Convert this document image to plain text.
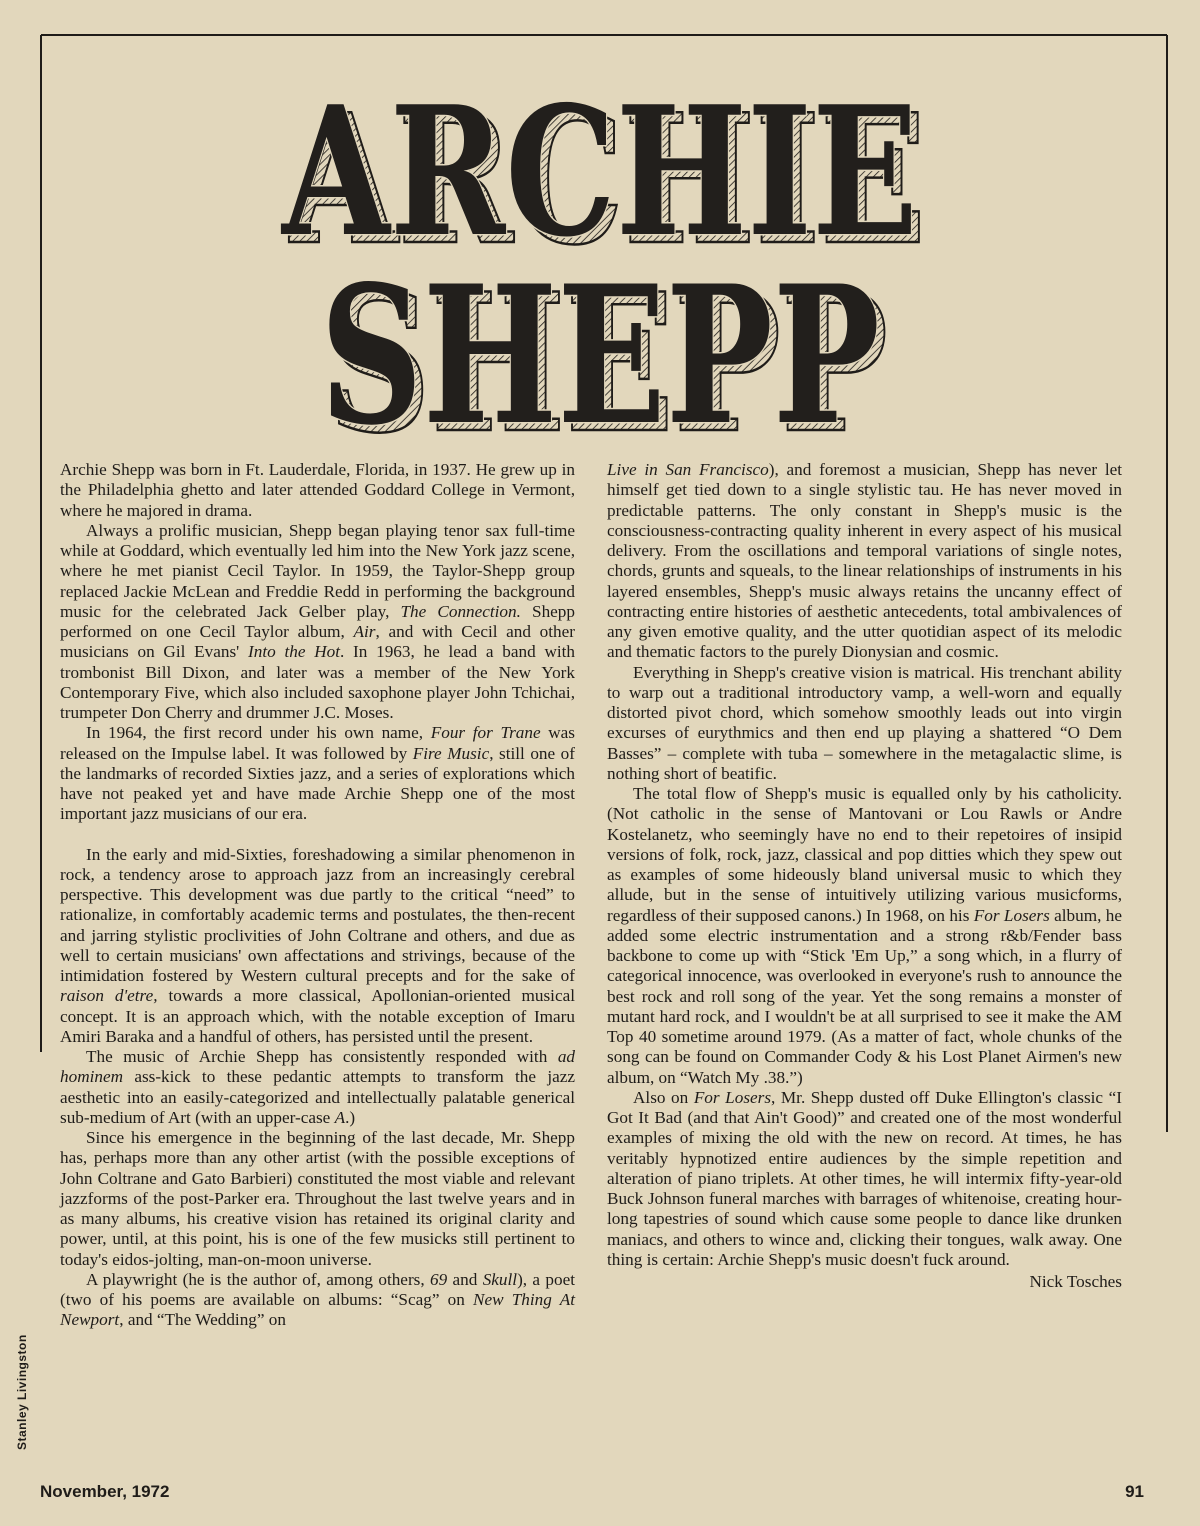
ARCHIE
ARCHIE
SHEPP
SHEPP

Archie Shepp was born in Ft. Lauderdale, Florida, in 1937. He grew up in the Philadelphia ghetto and later attended Goddard College in Vermont, where he majored in drama.

Always a prolific musician, Shepp began playing tenor sax full-time while at Goddard, which eventually led him into the New York jazz scene, where he met pianist Cecil Taylor. In 1959, the Taylor-Shepp group replaced Jackie McLean and Freddie Redd in performing the background music for the celebrated Jack Gelber play, The Connection. Shepp performed on one Cecil Taylor album, Air, and with Cecil and other musicians on Gil Evans' Into the Hot. In 1963, he lead a band with trombonist Bill Dixon, and later was a member of the New York Contemporary Five, which also included saxophone player John Tchichai, trumpeter Don Cherry and drummer J.C. Moses.

In 1964, the first record under his own name, Four for Trane was released on the Impulse label. It was followed by Fire Music, still one of the landmarks of recorded Sixties jazz, and a series of explorations which have not peaked yet and have made Archie Shepp one of the most important jazz musicians of our era.

In the early and mid-Sixties, foreshadowing a similar phenomenon in rock, a tendency arose to approach jazz from an increasingly cerebral perspective. This development was due partly to the critical “need” to rationalize, in comfortably academic terms and postulates, the then-recent and jarring stylistic proclivities of John Coltrane and others, and due as well to certain musicians' own affectations and strivings, because of the intimidation fostered by Western cultural precepts and for the sake of raison d'etre, towards a more classical, Apollonian-oriented musical concept. It is an approach which, with the notable exception of Imaru Amiri Baraka and a handful of others, has persisted until the present.

The music of Archie Shepp has consistently responded with ad hominem ass-kick to these pedantic attempts to transform the jazz aesthetic into an easily-categorized and intellectually palatable generical sub-medium of Art (with an upper-case A.)

Since his emergence in the beginning of the last decade, Mr. Shepp has, perhaps more than any other artist (with the possible exceptions of John Coltrane and Gato Barbieri) constituted the most viable and relevant jazzforms of the post-Parker era. Throughout the last twelve years and in as many albums, his creative vision has retained its original clarity and power, until, at this point, his is one of the few musicks still pertinent to today's eidos-jolting, man-on-moon universe.

A playwright (he is the author of, among others, 69 and Skull), a poet (two of his poems are available on albums: “Scag” on New Thing At Newport, and “The Wedding” on

Live in San Francisco), and foremost a musician, Shepp has never let himself get tied down to a single stylistic tau. He has never moved in predictable patterns. The only constant in Shepp's music is the consciousness-contracting quality inherent in every aspect of his musical delivery. From the oscillations and temporal variations of single notes, chords, grunts and squeals, to the linear relationships of instruments in his layered ensembles, Shepp's music always retains the uncanny effect of contracting entire histories of aesthetic antecedents, total ambivalences of any given emotive quality, and the utter quotidian aspect of its melodic and thematic factors to the purely Dionysian and cosmic.

Everything in Shepp's creative vision is matrical. His trenchant ability to warp out a traditional introductory vamp, a well-worn and equally distorted pivot chord, which somehow smoothly leads out into virgin excurses of eurythmics and then end up playing a shattered “O Dem Basses” – complete with tuba – somewhere in the metagalactic slime, is nothing short of beatific.

The total flow of Shepp's music is equalled only by his catholicity. (Not catholic in the sense of Mantovani or Lou Rawls or Andre Kostelanetz, who seemingly have no end to their repetoires of insipid versions of folk, rock, jazz, classical and pop ditties which they spew out as examples of some hideously bland universal music to which they allude, but in the sense of intuitively utilizing various musicforms, regardless of their supposed canons.) In 1968, on his For Losers album, he added some electric instrumentation and a strong r&b/Fender bass backbone to come up with “Stick 'Em Up,” a song which, in a flurry of categorical innocence, was overlooked in everyone's rush to announce the best rock and roll song of the year. Yet the song remains a monster of mutant hard rock, and I wouldn't be at all surprised to see it make the AM Top 40 sometime around 1979. (As a matter of fact, whole chunks of the song can be found on Commander Cody & his Lost Planet Airmen's new album, on “Watch My .38.”)

Also on For Losers, Mr. Shepp dusted off Duke Ellington's classic “I Got It Bad (and that Ain't Good)” and created one of the most wonderful examples of mixing the old with the new on record. At times, he has veritably hypnotized entire audiences by the simple repetition and alteration of piano triplets. At other times, he will intermix fifty-year-old Buck Johnson funeral marches with barrages of whitenoise, creating hour-long tapestries of sound which cause some people to dance like drunken maniacs, and others to wince and, clicking their tongues, walk away. One thing is certain: Archie Shepp's music doesn't fuck around.

Nick Tosches
Stanley Livingston
November, 1972	91
